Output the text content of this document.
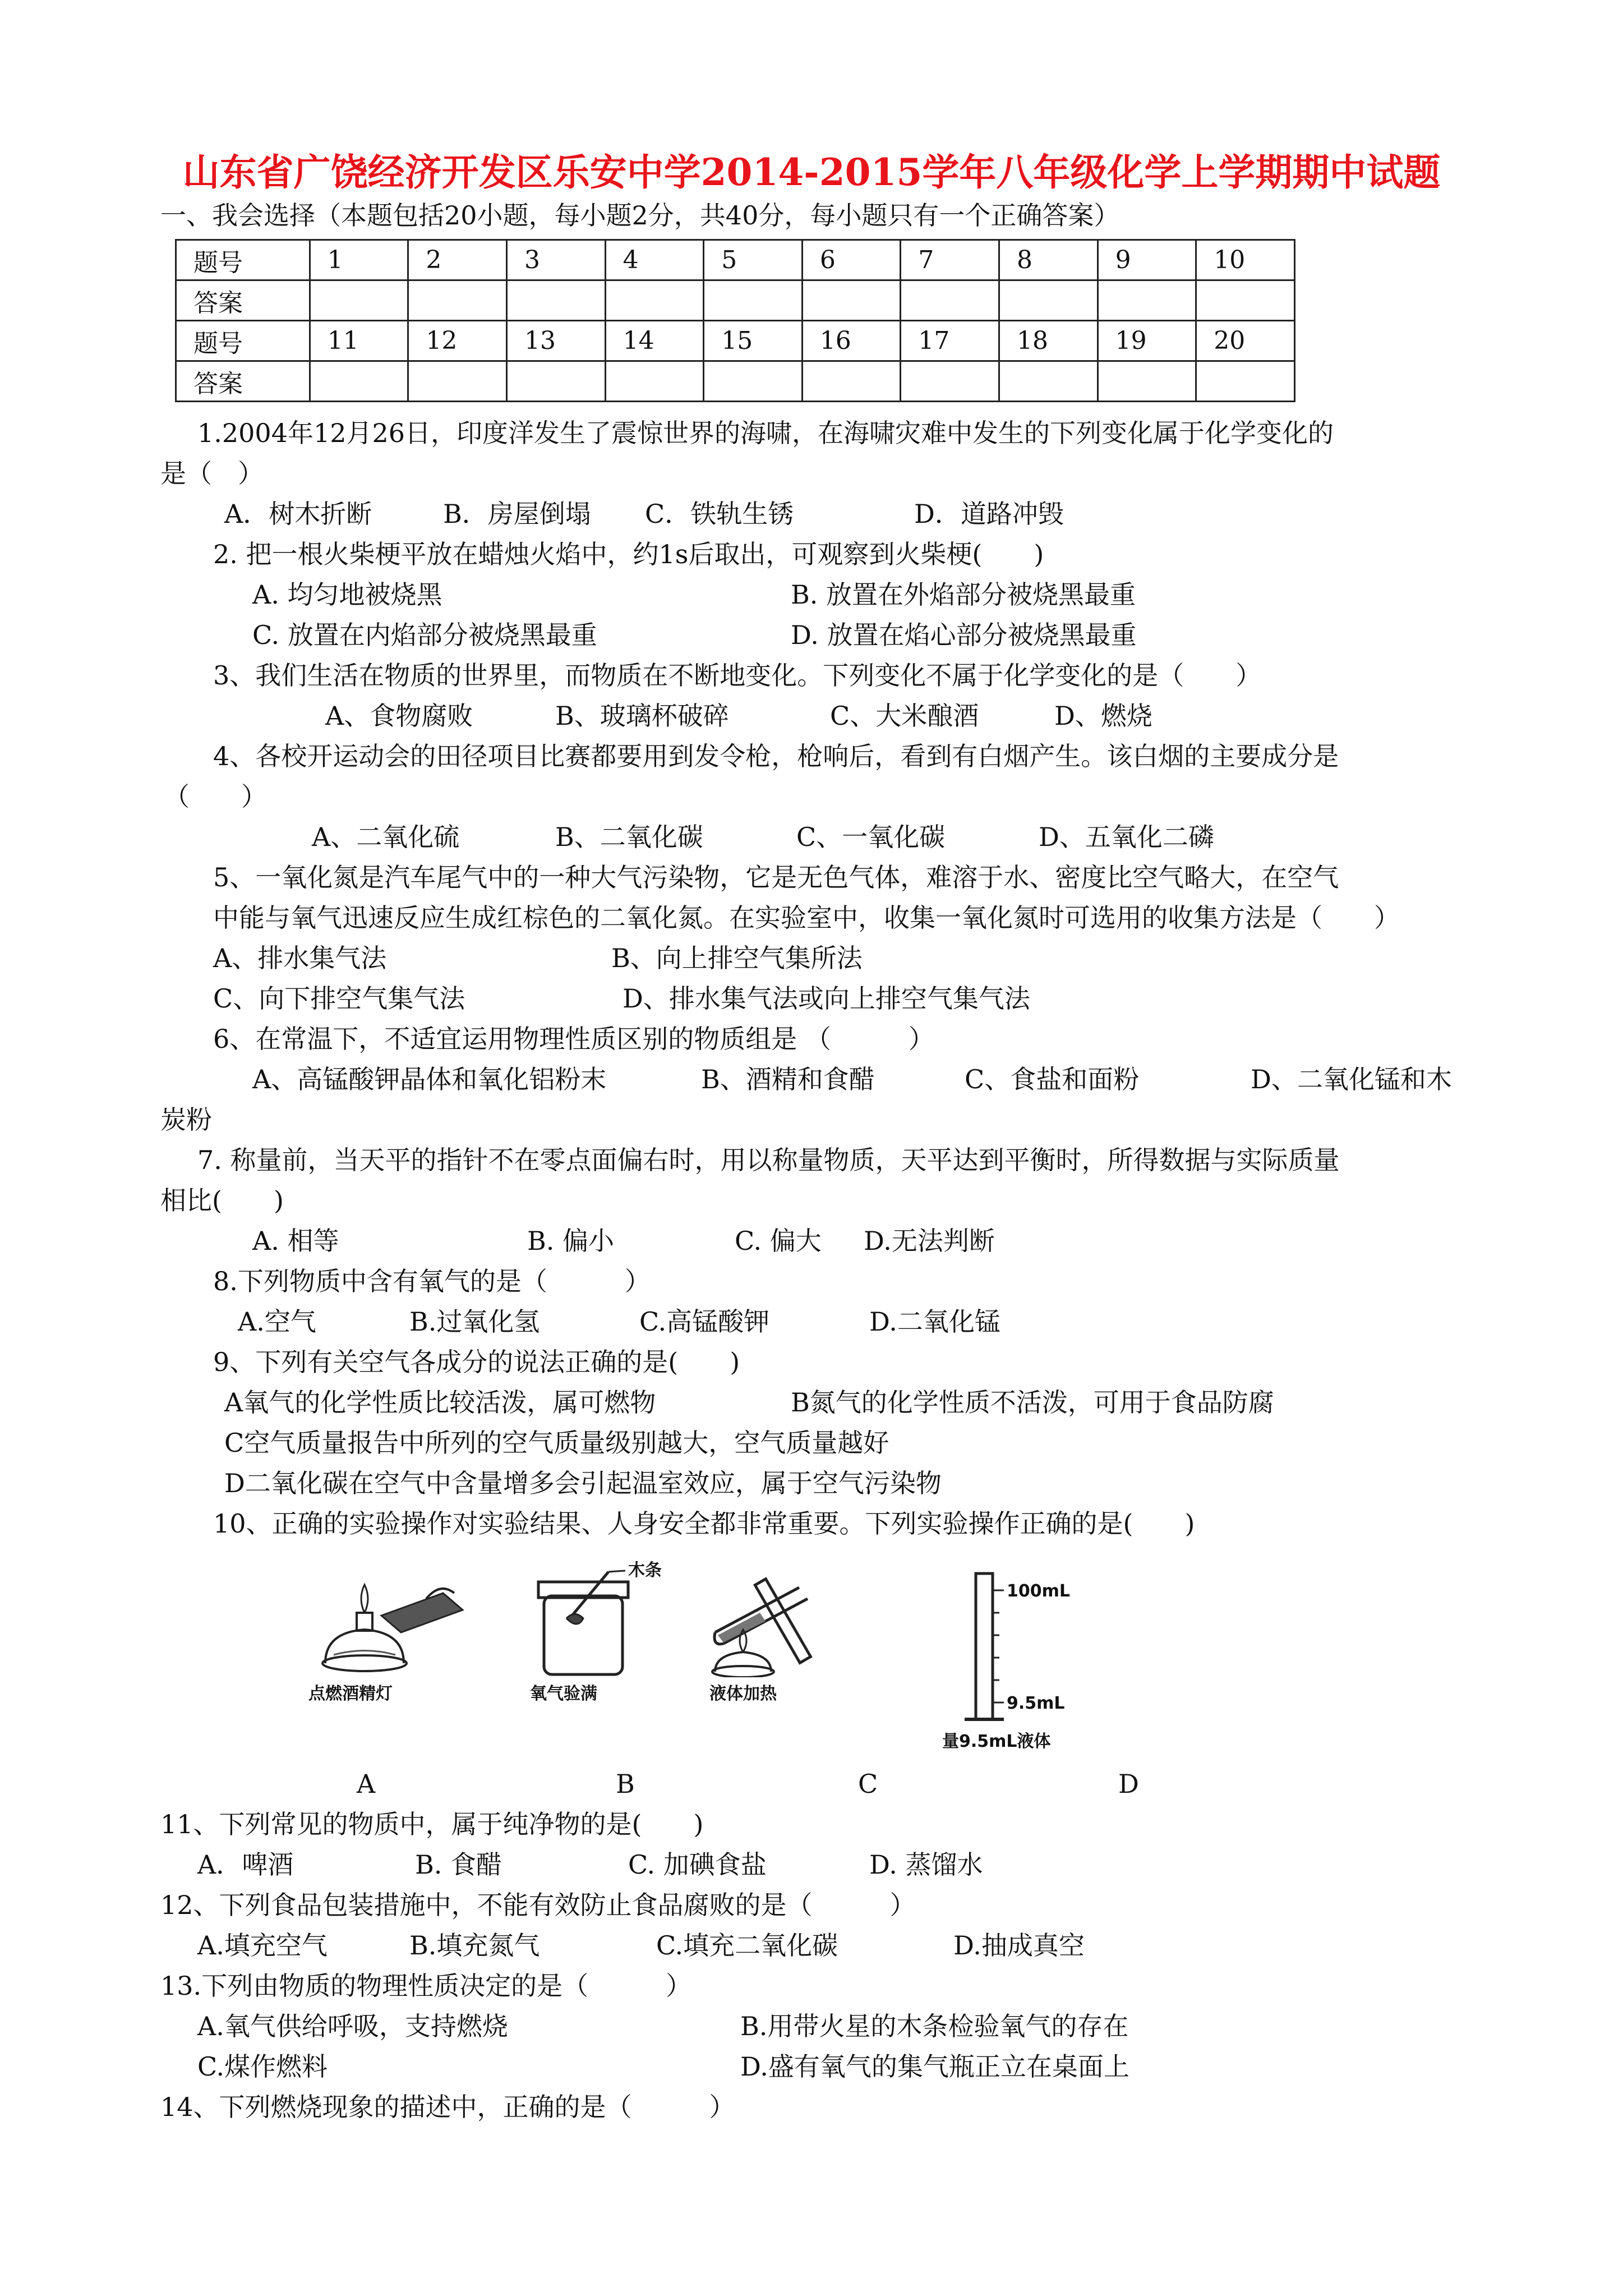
山东省广饶经济开发区乐安中学2014-2015学年八年级化学上学期期中试题
一、我会选择（本题包括20小题，每小题2分，共40分，每小题只有一个正确答案）
题号	1	2	3	4	5	6	7	8	9	10
答案										
题号	11	12	13	14	15	16	17	18	19	20
答案										
1.2004年12月26日，印度洋发生了震惊世界的海啸，在海啸灾难中发生的下列变化属于化学变化的
是（　）
A．树木折断	B．房屋倒塌 C．铁轨生锈	D．道路冲毁
2. 把一根火柴梗平放在蜡烛火焰中，约1s后取出，可观察到火柴梗(　　)
A. 均匀地被烧黑	B. 放置在外焰部分被烧黑最重
C. 放置在内焰部分被烧黑最重	D. 放置在焰心部分被烧黑最重
3、我们生活在物质的世界里，而物质在不断地变化。下列变化不属于化学变化的是（　　）
A、食物腐败	B、玻璃杯破碎	C、大米酿酒	D、燃烧
4、各校开运动会的田径项目比赛都要用到发令枪，枪响后，看到有白烟产生。该白烟的主要成分是
（　　）
A、二氧化硫	B、二氧化碳	C、一氧化碳	D、五氧化二磷
5、一氧化氮是汽车尾气中的一种大气污染物，它是无色气体，难溶于水、密度比空气略大，在空气
中能与氧气迅速反应生成红棕色的二氧化氮。在实验室中，收集一氧化氮时可选用的收集方法是（　　）
A、排水集气法	B、向上排空气集所法
C、向下排空气集气法	D、排水集气法或向上排空气集气法
6、在常温下，不适宜运用物理性质区别的物质组是 （　　　）
A、高锰酸钾晶体和氧化铝粉末	B、酒精和食醋	C、食盐和面粉	D、二氧化锰和木
炭粉
7. 称量前，当天平的指针不在零点面偏右时，用以称量物质，天平达到平衡时，所得数据与实际质量
相比(　　)
A. 相等	B. 偏小	C. 偏大 D.无法判断
8.下列物质中含有氧气的是（　　　）
A.空气	B.过氧化氢	C.高锰酸钾	D.二氧化锰
9、下列有关空气各成分的说法正确的是(　　)
A氧气的化学性质比较活泼，属可燃物	B氮气的化学性质不活泼，可用于食品防腐
C空气质量报告中所列的空气质量级别越大，空气质量越好
D二氧化碳在空气中含量增多会引起温室效应，属于空气污染物
10、正确的实验操作对实验结果、人身安全都非常重要。下列实验操作正确的是(　　)
点燃酒精灯
木条
氧气验满	液体加热
100mL
9.5mL
量9.5mL液体
A	B	C	D
11、下列常见的物质中，属于纯净物的是(　　)
A．啤酒	B. 食醋	C. 加碘食盐	D. 蒸馏水
12、下列食品包装措施中，不能有效防止食品腐败的是（　　　）
A.填充空气	B.填充氮气	C.填充二氧化碳	D.抽成真空
13.下列由物质的物理性质决定的是（　　　）
A.氧气供给呼吸，支持燃烧	B.用带火星的木条检验氧气的存在
C.煤作燃料	D.盛有氧气的集气瓶正立在桌面上
14、下列燃烧现象的描述中，正确的是（　　　）
